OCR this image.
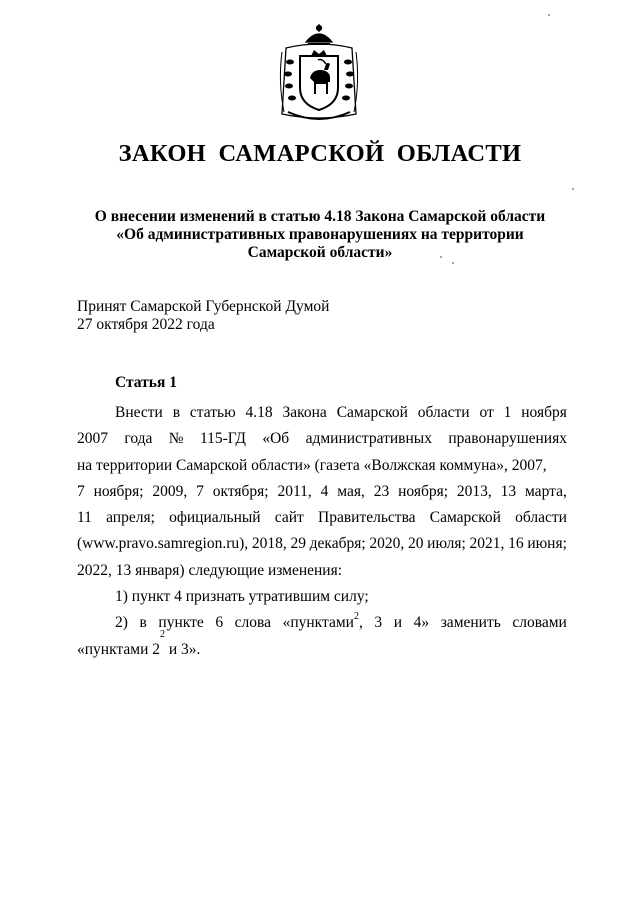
ЗАКОН САМАРСКОЙ ОБЛАСТИ
О внесении изменений в статью 4.18 Закона Самарской области
«Об административных правонарушениях на территории
Самарской области»
Принят Самарской Губернской Думой
27 октября 2022 года
Статья 1
Внести в статью 4.18 Закона Самарской области от 1 ноября
2007 года № 115-ГД «Об административных правонарушениях
на территории Самарской области» (газета «Волжская коммуна», 2007,
7 ноября; 2009, 7 октября; 2011, 4 мая, 23 ноября; 2013, 13 марта,
11 апреля; официальный сайт Правительства Самарской области
(www.pravo.samregion.ru), 2018, 29 декабря; 2020, 20 июля; 2021, 16 июня;
2022, 13 января) следующие изменения:
1) пункт 4 признать утратившим силу;
2) в пункте 6 слова «пунктами$^2$, 3 и 4» заменить словами
«пунктами 2
$^2$
и 3».
